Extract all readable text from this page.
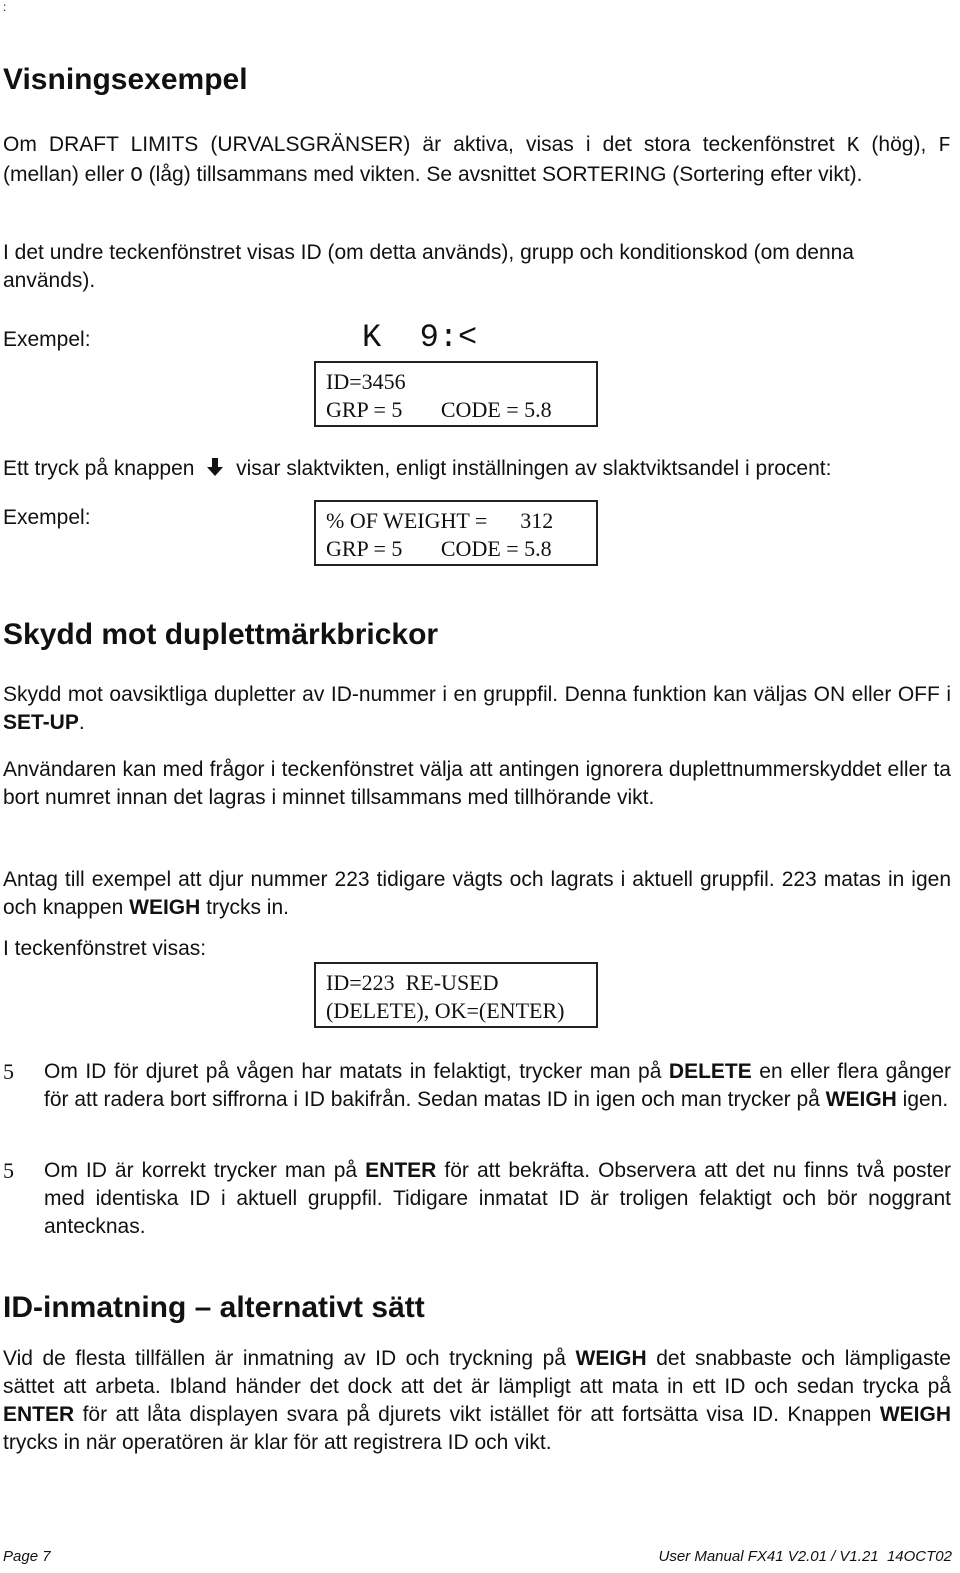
:
Visningsexempel
Om DRAFT LIMITS (URVALSGRÄNSER) är aktiva, visas i det stora teckenfönstret K (hög), F (mellan) eller O (låg) tillsammans med vikten. Se avsnittet SORTERING (Sortering efter vikt).
I det undre teckenfönstret visas ID (om detta används), grupp och konditionskod (om denna används).
Exempel:	K  9:<
ID=3456
GRP = 5       CODE = 5.8
Ett tryck på knappen visar slaktvikten, enligt inställningen av slaktviktsandel i procent:
Exempel:	% OF WEIGHT =      312
GRP = 5       CODE = 5.8
Skydd mot duplettmärkbrickor
Skydd mot oavsiktliga dupletter av ID-nummer i en gruppfil. Denna funktion kan väljas ON eller OFF i SET-UP.
Användaren kan med frågor i teckenfönstret välja att antingen ignorera duplettnummerskyddet eller ta bort numret innan det lagras i minnet tillsammans med tillhörande vikt.
Antag till exempel att djur nummer 223 tidigare vägts och lagrats i aktuell gruppfil. 223 matas in igen och knappen WEIGH trycks in.
I teckenfönstret visas:
ID=223  RE-USED
(DELETE), OK=(ENTER)
5 Om ID för djuret på vågen har matats in felaktigt, trycker man på DELETE en eller flera gånger för att radera bort siffrorna i ID bakifrån. Sedan matas ID in igen och man trycker på WEIGH igen.
5 Om ID är korrekt trycker man på ENTER för att bekräfta. Observera att det nu finns två poster med identiska ID i aktuell gruppfil. Tidigare inmatat ID är troligen felaktigt och bör noggrant antecknas.
ID-inmatning – alternativt sätt
Vid de flesta tillfällen är inmatning av ID och tryckning på WEIGH det snabbaste och lämpligaste sättet att arbeta. Ibland händer det dock att det är lämpligt att mata in ett ID och sedan trycka på ENTER för att låta displayen svara på djurets vikt istället för att fortsätta visa ID. Knappen WEIGH trycks in när operatören är klar för att registrera ID och vikt.
Page 7	User Manual FX41 V2.01 / V1.21  14OCT02
